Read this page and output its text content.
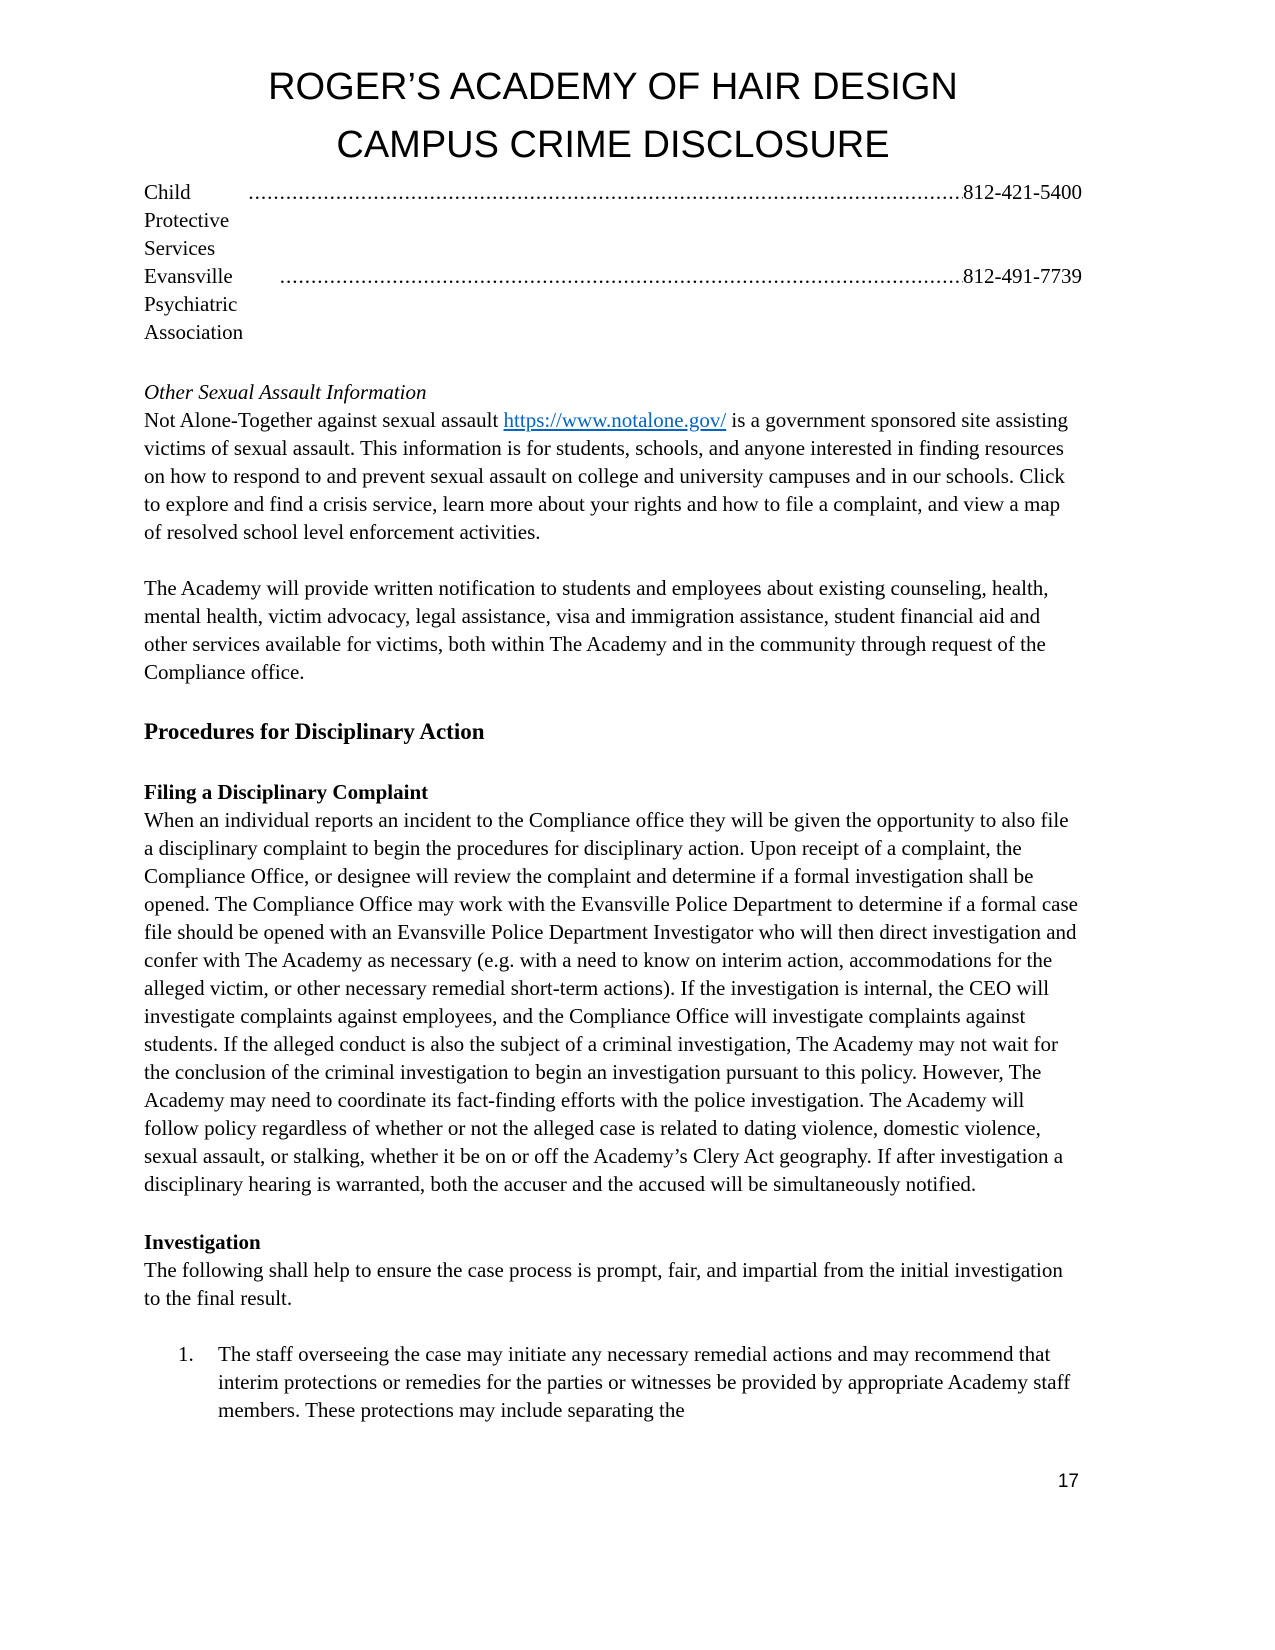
ROGER’S ACADEMY OF HAIR DESIGN
CAMPUS CRIME DISCLOSURE
Child Protective Services
.....
812-421-5400
Evansville Psychiatric Association
.....
812-491-7739
Other Sexual Assault Information

Not Alone-Together against sexual assault https://www.notalone.gov/ is a government sponsored site assisting victims of sexual assault. This information is for students, schools, and anyone interested in finding resources on how to respond to and prevent sexual assault on college and university campuses and in our schools. Click to explore and find a crisis service, learn more about your rights and how to file a complaint, and view a map of resolved school level enforcement activities.

The Academy will provide written notification to students and employees about existing counseling, health, mental health, victim advocacy, legal assistance, visa and immigration assistance, student financial aid and other services available for victims, both within The Academy and in the community through request of the Compliance office.

Procedures for Disciplinary Action
Filing a Disciplinary Complaint

When an individual reports an incident to the Compliance office they will be given the opportunity to also file a disciplinary complaint to begin the procedures for disciplinary action. Upon receipt of a complaint, the Compliance Office, or designee will review the complaint and determine if a formal investigation shall be opened. The Compliance Office may work with the Evansville Police Department to determine if a formal case file should be opened with an Evansville Police Department Investigator who will then direct investigation and confer with The Academy as necessary (e.g. with a need to know on interim action, accommodations for the alleged victim, or other necessary remedial short-term actions). If the investigation is internal, the CEO will investigate complaints against employees, and the Compliance Office will investigate complaints against students. If the alleged conduct is also the subject of a criminal investigation, The Academy may not wait for the conclusion of the criminal investigation to begin an investigation pursuant to this policy. However, The Academy may need to coordinate its fact-finding efforts with the police investigation. The Academy will follow policy regardless of whether or not the alleged case is related to dating violence, domestic violence, sexual assault, or stalking, whether it be on or off the Academy’s Clery Act geography. If after investigation a disciplinary hearing is warranted, both the accuser and the accused will be simultaneously notified.

Investigation

The following shall help to ensure the case process is prompt, fair, and impartial from the initial investigation to the final result.

1.	The staff overseeing the case may initiate any necessary remedial actions and may recommend that interim protections or remedies for the parties or witnesses be provided by appropriate Academy staff members. These protections may include separating the
17
